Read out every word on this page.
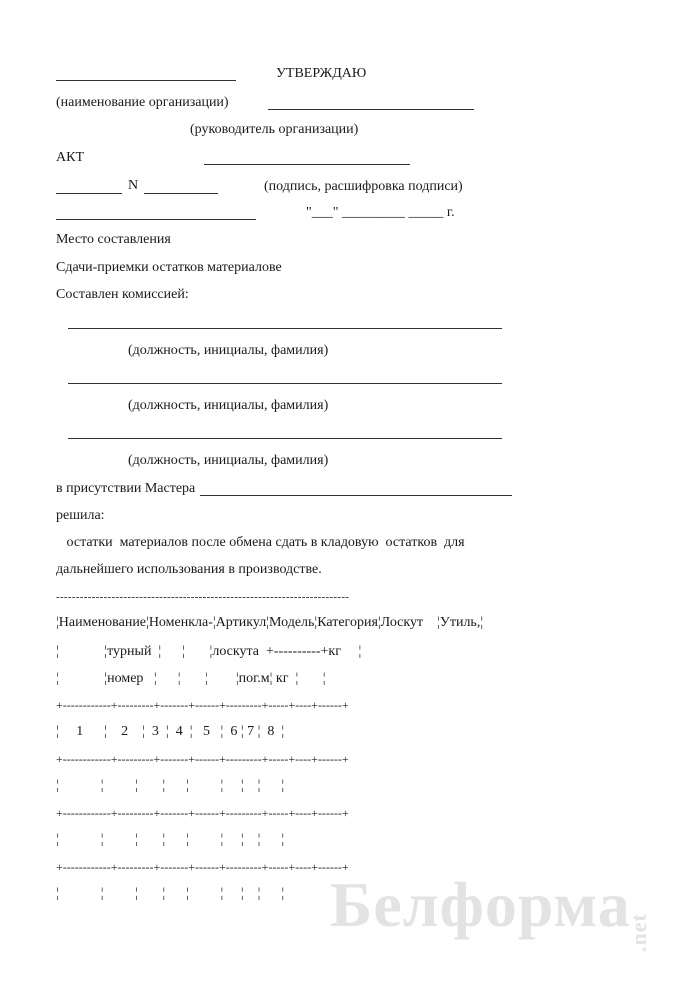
УТВЕРЖДАЮ
(наименование организации)
(руководитель организации)
АКТ
N	(подпись, расшифровка подписи)
"___" _________ _____ г.
Место составления
Сдачи-приемки остатков материалове
Составлен комиссией:
(должность, инициалы, фамилия)
(должность, инициалы, фамилия)
(должность, инициалы, фамилия)
в присутствии Мастера
решила:
остатки  материалов после обмена сдать в кладовую  остатков  для
дальнейшего использования в производстве.
--------------------------------------------------------------------------
¦Наименование¦Номенкла-¦Артикул¦Модель¦Категория¦Лоскут    ¦Утиль,¦
¦             ¦турный  ¦      ¦       ¦лоскута  +----------+кг     ¦
¦             ¦номер   ¦      ¦       ¦        ¦пог.м¦ кг  ¦       ¦
+------------+---------+-------+------+---------+-----+----+------+
¦     1      ¦    2    ¦  3  ¦  4  ¦   5   ¦  6 ¦ 7 ¦  8  ¦
+------------+---------+-------+------+---------+-----+----+------+
¦            ¦         ¦       ¦      ¦         ¦     ¦    ¦      ¦
+------------+---------+-------+------+---------+-----+----+------+
¦            ¦         ¦       ¦      ¦         ¦     ¦    ¦      ¦
+------------+---------+-------+------+---------+-----+----+------+
¦            ¦         ¦       ¦      ¦         ¦     ¦    ¦      ¦ Белформа
.net
